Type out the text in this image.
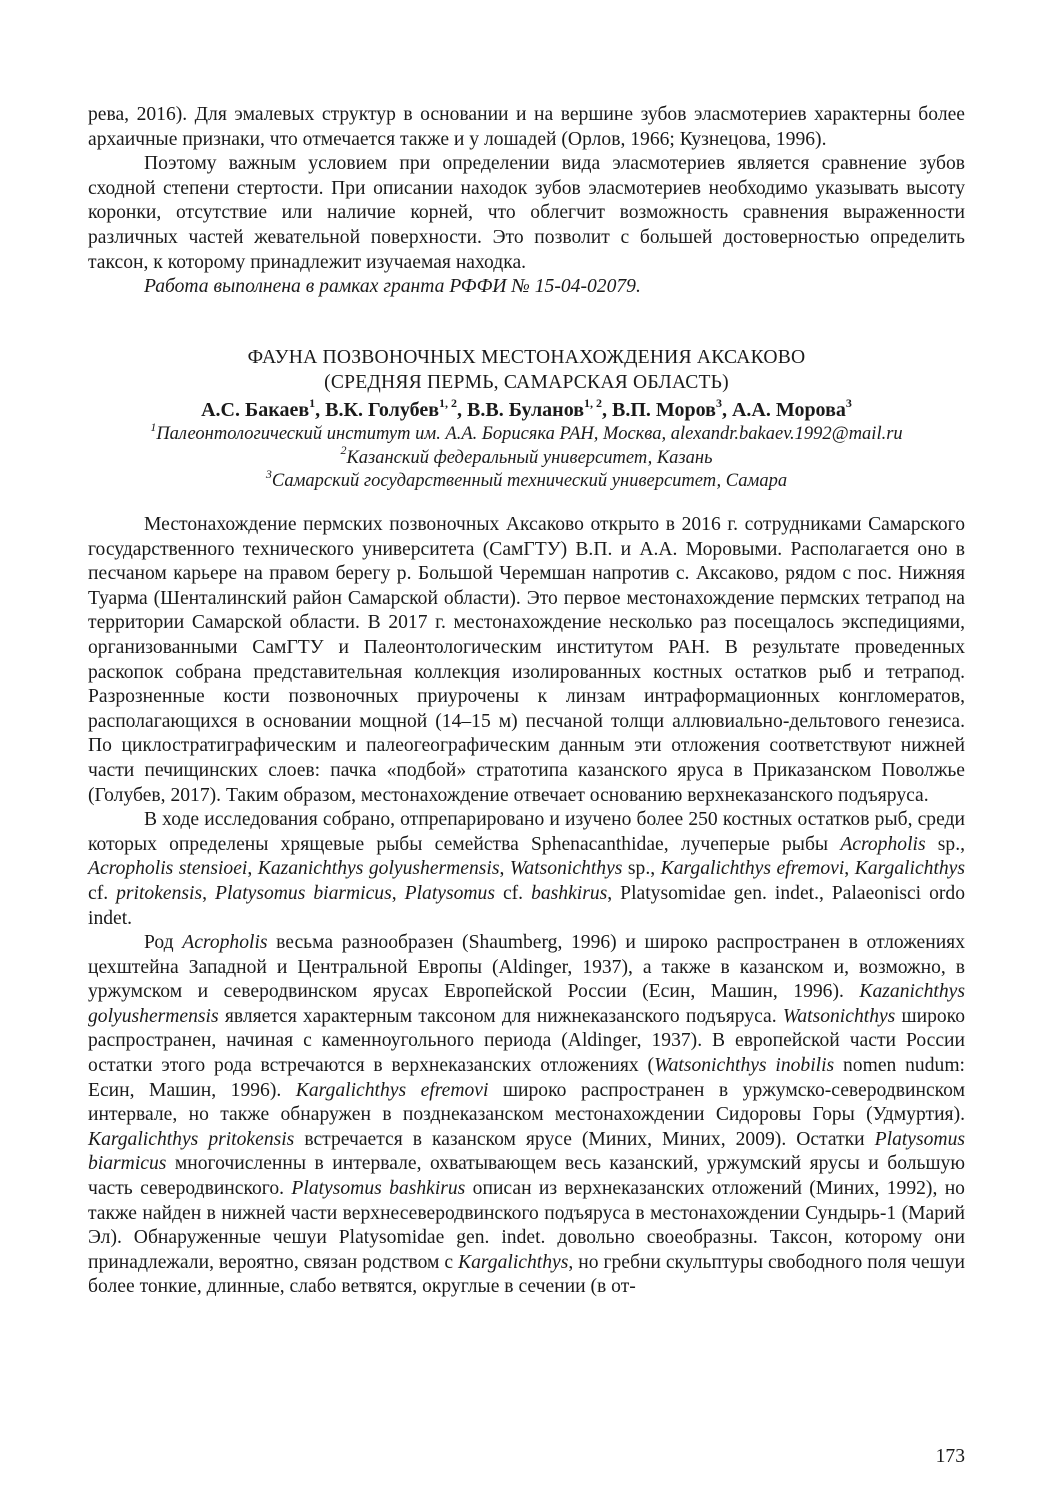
рева, 2016). Для эмалевых структур в основании и на вершине зубов эласмотериев характерны более архаичные признаки, что отмечается также и у лошадей (Орлов, 1966; Кузнецова, 1996).

Поэтому важным условием при определении вида эласмотериев является сравнение зубов сходной степени стертости. При описании находок зубов эласмотериев необходимо указывать высоту коронки, отсутствие или наличие корней, что облегчит возможность сравнения выраженности различных частей жевательной поверхности. Это позволит с большей достоверностью определить таксон, к которому принадлежит изучаемая находка.

Работа выполнена в рамках гранта РФФИ № 15-04-02079.

ФАУНА ПОЗВОНОЧНЫХ МЕСТОНАХОЖДЕНИЯ АКСАКОВО
(СРЕДНЯЯ ПЕРМЬ, САМАРСКАЯ ОБЛАСТЬ)
А.С. Бакаев$^1$, В.К. Голубев$^{1, 2}$, В.В. Буланов$^{1, 2}$, В.П. Моров$^3$, А.А. Морова$^3$
$^1$Палеонтологический институт им. А.А. Борисяка РАН, Москва, alexandr.bakaev.1992@mail.ru
$^2$Казанский федеральный университет, Казань
$^3$Самарский государственный технический университет, Самара

Местонахождение пермских позвоночных Аксаково открыто в 2016 г. сотрудниками Самарского государственного технического университета (СамГТУ) В.П. и А.А. Моровыми. Располагается оно в песчаном карьере на правом берегу р. Большой Черемшан напротив с. Аксаково, рядом с пос. Нижняя Туарма (Шенталинский район Самарской области). Это первое местонахождение пермских тетрапод на территории Самарской области. В 2017 г. местонахождение несколько раз посещалось экспедициями, организованными СамГТУ и Палеонтологическим институтом РАН. В результате проведенных раскопок собрана представительная коллекция изолированных костных остатков рыб и тетрапод. Разрозненные кости позвоночных приурочены к линзам интраформационных конгломератов, располагающихся в основании мощной (14–15 м) песчаной толщи аллювиально-дельтового генезиса. По циклостратиграфическим и палеогеографическим данным эти отложения соответствуют нижней части печищинских слоев: пачка «подбой» стратотипа казанского яруса в Приказанском Поволжье (Голубев, 2017). Таким образом, местонахождение отвечает основанию верхнеказанского подъяруса.

В ходе исследования собрано, отпрепарировано и изучено более 250 костных остатков рыб, среди которых определены хрящевые рыбы семейства Sphenacanthidae, лучеперые рыбы Acropholis sp., Acropholis stensioei, Kazanichthys golyushermensis, Watsonichthys sp., Kargalichthys efremovi, Kargalichthys cf. pritokensis, Platysomus biarmicus, Platysomus cf. bashkirus, Platysomidae gen. indet., Palaeonisci ordo indet.

Род Acropholis весьма разнообразен (Shaumberg, 1996) и широко распространен в отложениях цехштейна Западной и Центральной Европы (Aldinger, 1937), а также в казанском и, возможно, в уржумском и северодвинском ярусах Европейской России (Есин, Машин, 1996). Kazanichthys golyushermensis является характерным таксоном для нижнеказанского подъяруса. Watsonichthys широко распространен, начиная с каменноугольного периода (Aldinger, 1937). В европейской части России остатки этого рода встречаются в верхнеказанских отложениях (Watsonichthys inobilis nomen nudum: Есин, Машин, 1996). Kargalichthys efremovi широко распространен в уржумско-северодвинском интервале, но также обнаружен в позднеказанском местонахождении Сидоровы Горы (Удмуртия). Kargalichthys pritokensis встречается в казанском ярусе (Миних, Миних, 2009). Остатки Platysomus biarmicus многочисленны в интервале, охватывающем весь казанский, уржумский ярусы и большую часть северодвинского. Platysomus bashkirus описан из верхнеказанских отложений (Миних, 1992), но также найден в нижней части верхнесеверодвинского подъяруса в местонахождении Сундырь-1 (Марий Эл). Обнаруженные чешуи Platysomidae gen. indet. довольно своеобразны. Таксон, которому они принадлежали, вероятно, связан родством с Kargalichthys, но гребни скульптуры свободного поля чешуи более тонкие, длинные, слабо ветвятся, округлые в сечении (в от-

173
